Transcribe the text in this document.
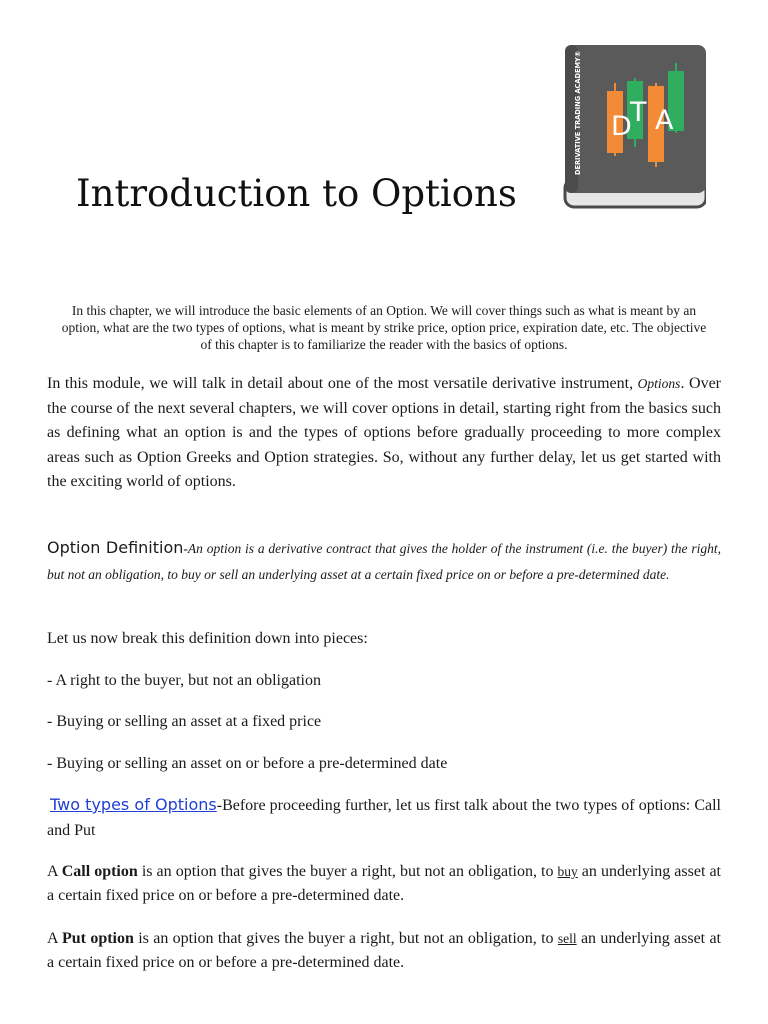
DERIVATIVE TRADING ACADEMY® D
T A
Introduction to Options

In this chapter, we will introduce the basic elements of an Option. We will cover things such as what is meant by an option, what are the two types of options, what is meant by strike price, option price, expiration date, etc. The objective of this chapter is to familiarize the reader with the basics of options.

In this module, we will talk in detail about one of the most versatile derivative instrument, Options. Over the course of the next several chapters, we will cover options in detail, starting right from the basics such as defining what an option is and the types of options before gradually proceeding to more complex areas such as Option Greeks and Option strategies. So, without any further delay, let us get started with the exciting world of options.

Option Definition-An option is a derivative contract that gives the holder of the instrument (i.e. the buyer) the right, but not an obligation, to buy or sell an underlying asset at a certain fixed price on or before a pre-determined date.

Let us now break this definition down into pieces:

- A right to the buyer, but not an obligation

- Buying or selling an asset at a fixed price

- Buying or selling an asset on or before a pre-determined date

Two types of Options-Before proceeding further, let us first talk about the two types of options: Call and Put

A Call option is an option that gives the buyer a right, but not an obligation, to buy an underlying asset at a certain fixed price on or before a pre-determined date.

A Put option is an option that gives the buyer a right, but not an obligation, to sell an underlying asset at a certain fixed price on or before a pre-determined date.
